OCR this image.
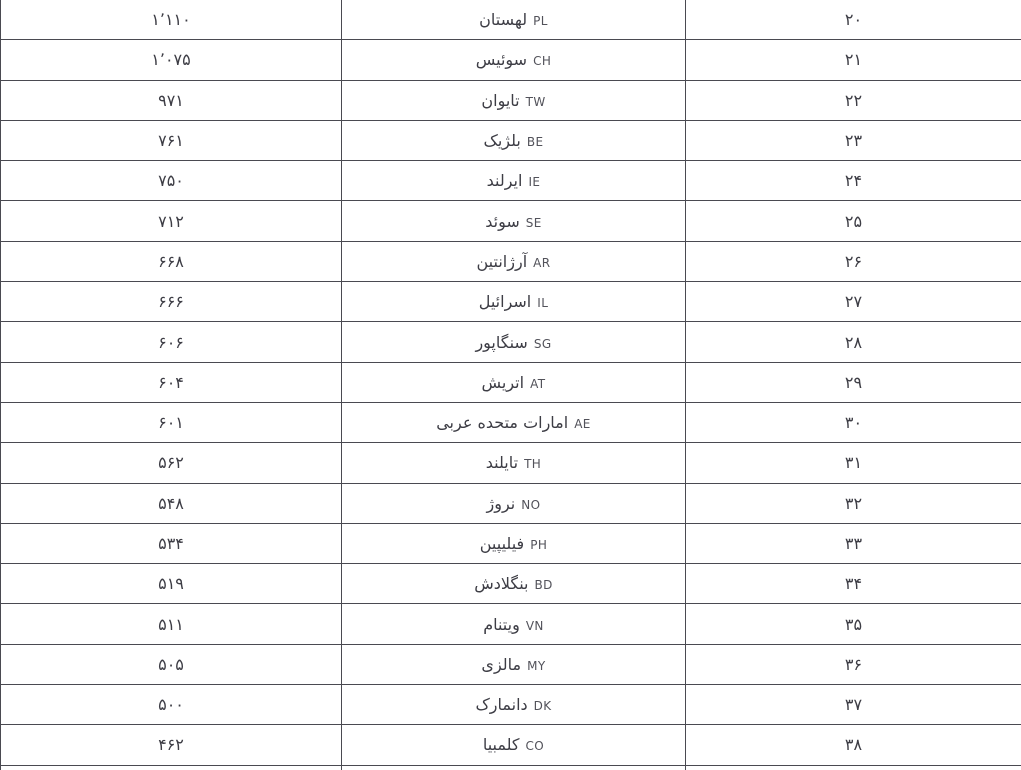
۲۰	PLلهستان	۱٬۱۱۰
۲۱	CHسوئیس	۱٬۰۷۵
۲۲	TWتایوان	۹۷۱
۲۳	BEبلژیک	۷۶۱
۲۴	IEایرلند	۷۵۰
۲۵	SEسوئد	۷۱۲
۲۶	ARآرژانتین	۶۶۸
۲۷	ILاسرائیل	۶۶۶
۲۸	SGسنگاپور	۶۰۶
۲۹	ATاتریش	۶۰۴
۳۰	AEامارات متحده عربی	۶۰۱
۳۱	THتایلند	۵۶۲
۳۲	NOنروژ	۵۴۸
۳۳	PHفیلیپین	۵۳۴
۳۴	BDبنگلادش	۵۱۹
۳۵	VNویتنام	۵۱۱
۳۶	MYمالزی	۵۰۵
۳۷	DKدانمارک	۵۰۰
۳۸	COکلمبیا	۴۶۲
